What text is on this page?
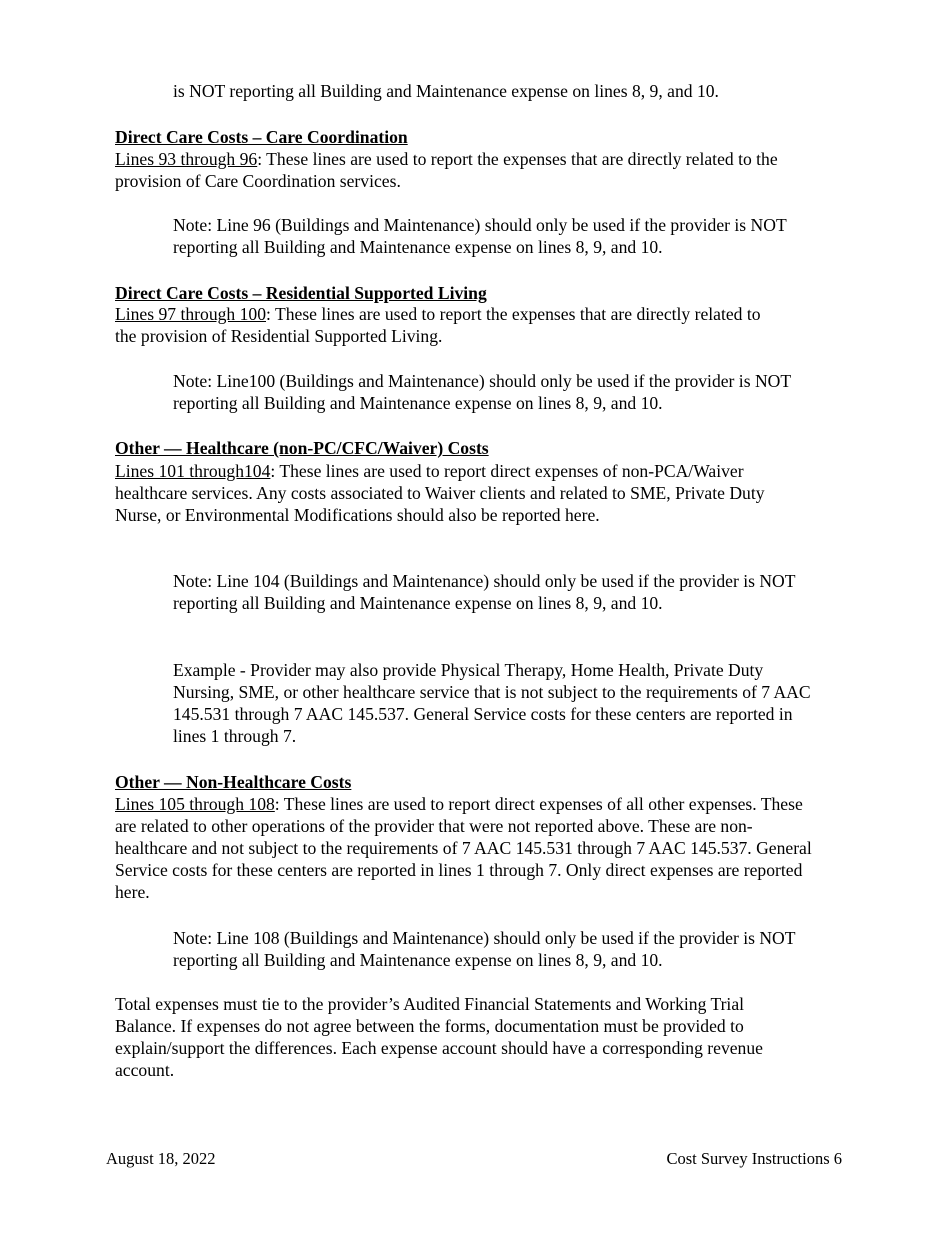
is NOT reporting all Building and Maintenance expense on lines 8, 9, and 10.

Direct Care Costs – Care Coordination

Lines 93 through 96: These lines are used to report the expenses that are directly related to the provision of Care Coordination services.

Note: Line 96 (Buildings and Maintenance) should only be used if the provider is NOT reporting all Building and Maintenance expense on lines 8, 9, and 10.

Direct Care Costs – Residential Supported Living

Lines 97 through 100: These lines are used to report the expenses that are directly related to the provision of Residential Supported Living.

Note: Line100 (Buildings and Maintenance) should only be used if the provider is NOT reporting all Building and Maintenance expense on lines 8, 9, and 10.

Other — Healthcare (non-PC/CFC/Waiver) Costs

Lines 101 through104: These lines are used to report direct expenses of non-PCA/Waiver healthcare services. Any costs associated to Waiver clients and related to SME, Private Duty Nurse, or Environmental Modifications should also be reported here.

Note: Line 104 (Buildings and Maintenance) should only be used if the provider is NOT reporting all Building and Maintenance expense on lines 8, 9, and 10.

Example - Provider may also provide Physical Therapy, Home Health, Private Duty Nursing, SME, or other healthcare service that is not subject to the requirements of 7 AAC 145.531 through 7 AAC 145.537. General Service costs for these centers are reported in lines 1 through 7.

Other — Non-Healthcare Costs

Lines 105 through 108: These lines are used to report direct expenses of all other expenses. These are related to other operations of the provider that were not reported above. These are non-healthcare and not subject to the requirements of 7 AAC 145.531 through 7 AAC 145.537. General Service costs for these centers are reported in lines 1 through 7. Only direct expenses are reported here.

Note: Line 108 (Buildings and Maintenance) should only be used if the provider is NOT reporting all Building and Maintenance expense on lines 8, 9, and 10.

Total expenses must tie to the provider’s Audited Financial Statements and Working Trial Balance. If expenses do not agree between the forms, documentation must be provided to explain/support the differences. Each expense account should have a corresponding revenue account.

August 18, 2022	Cost Survey Instructions 6
